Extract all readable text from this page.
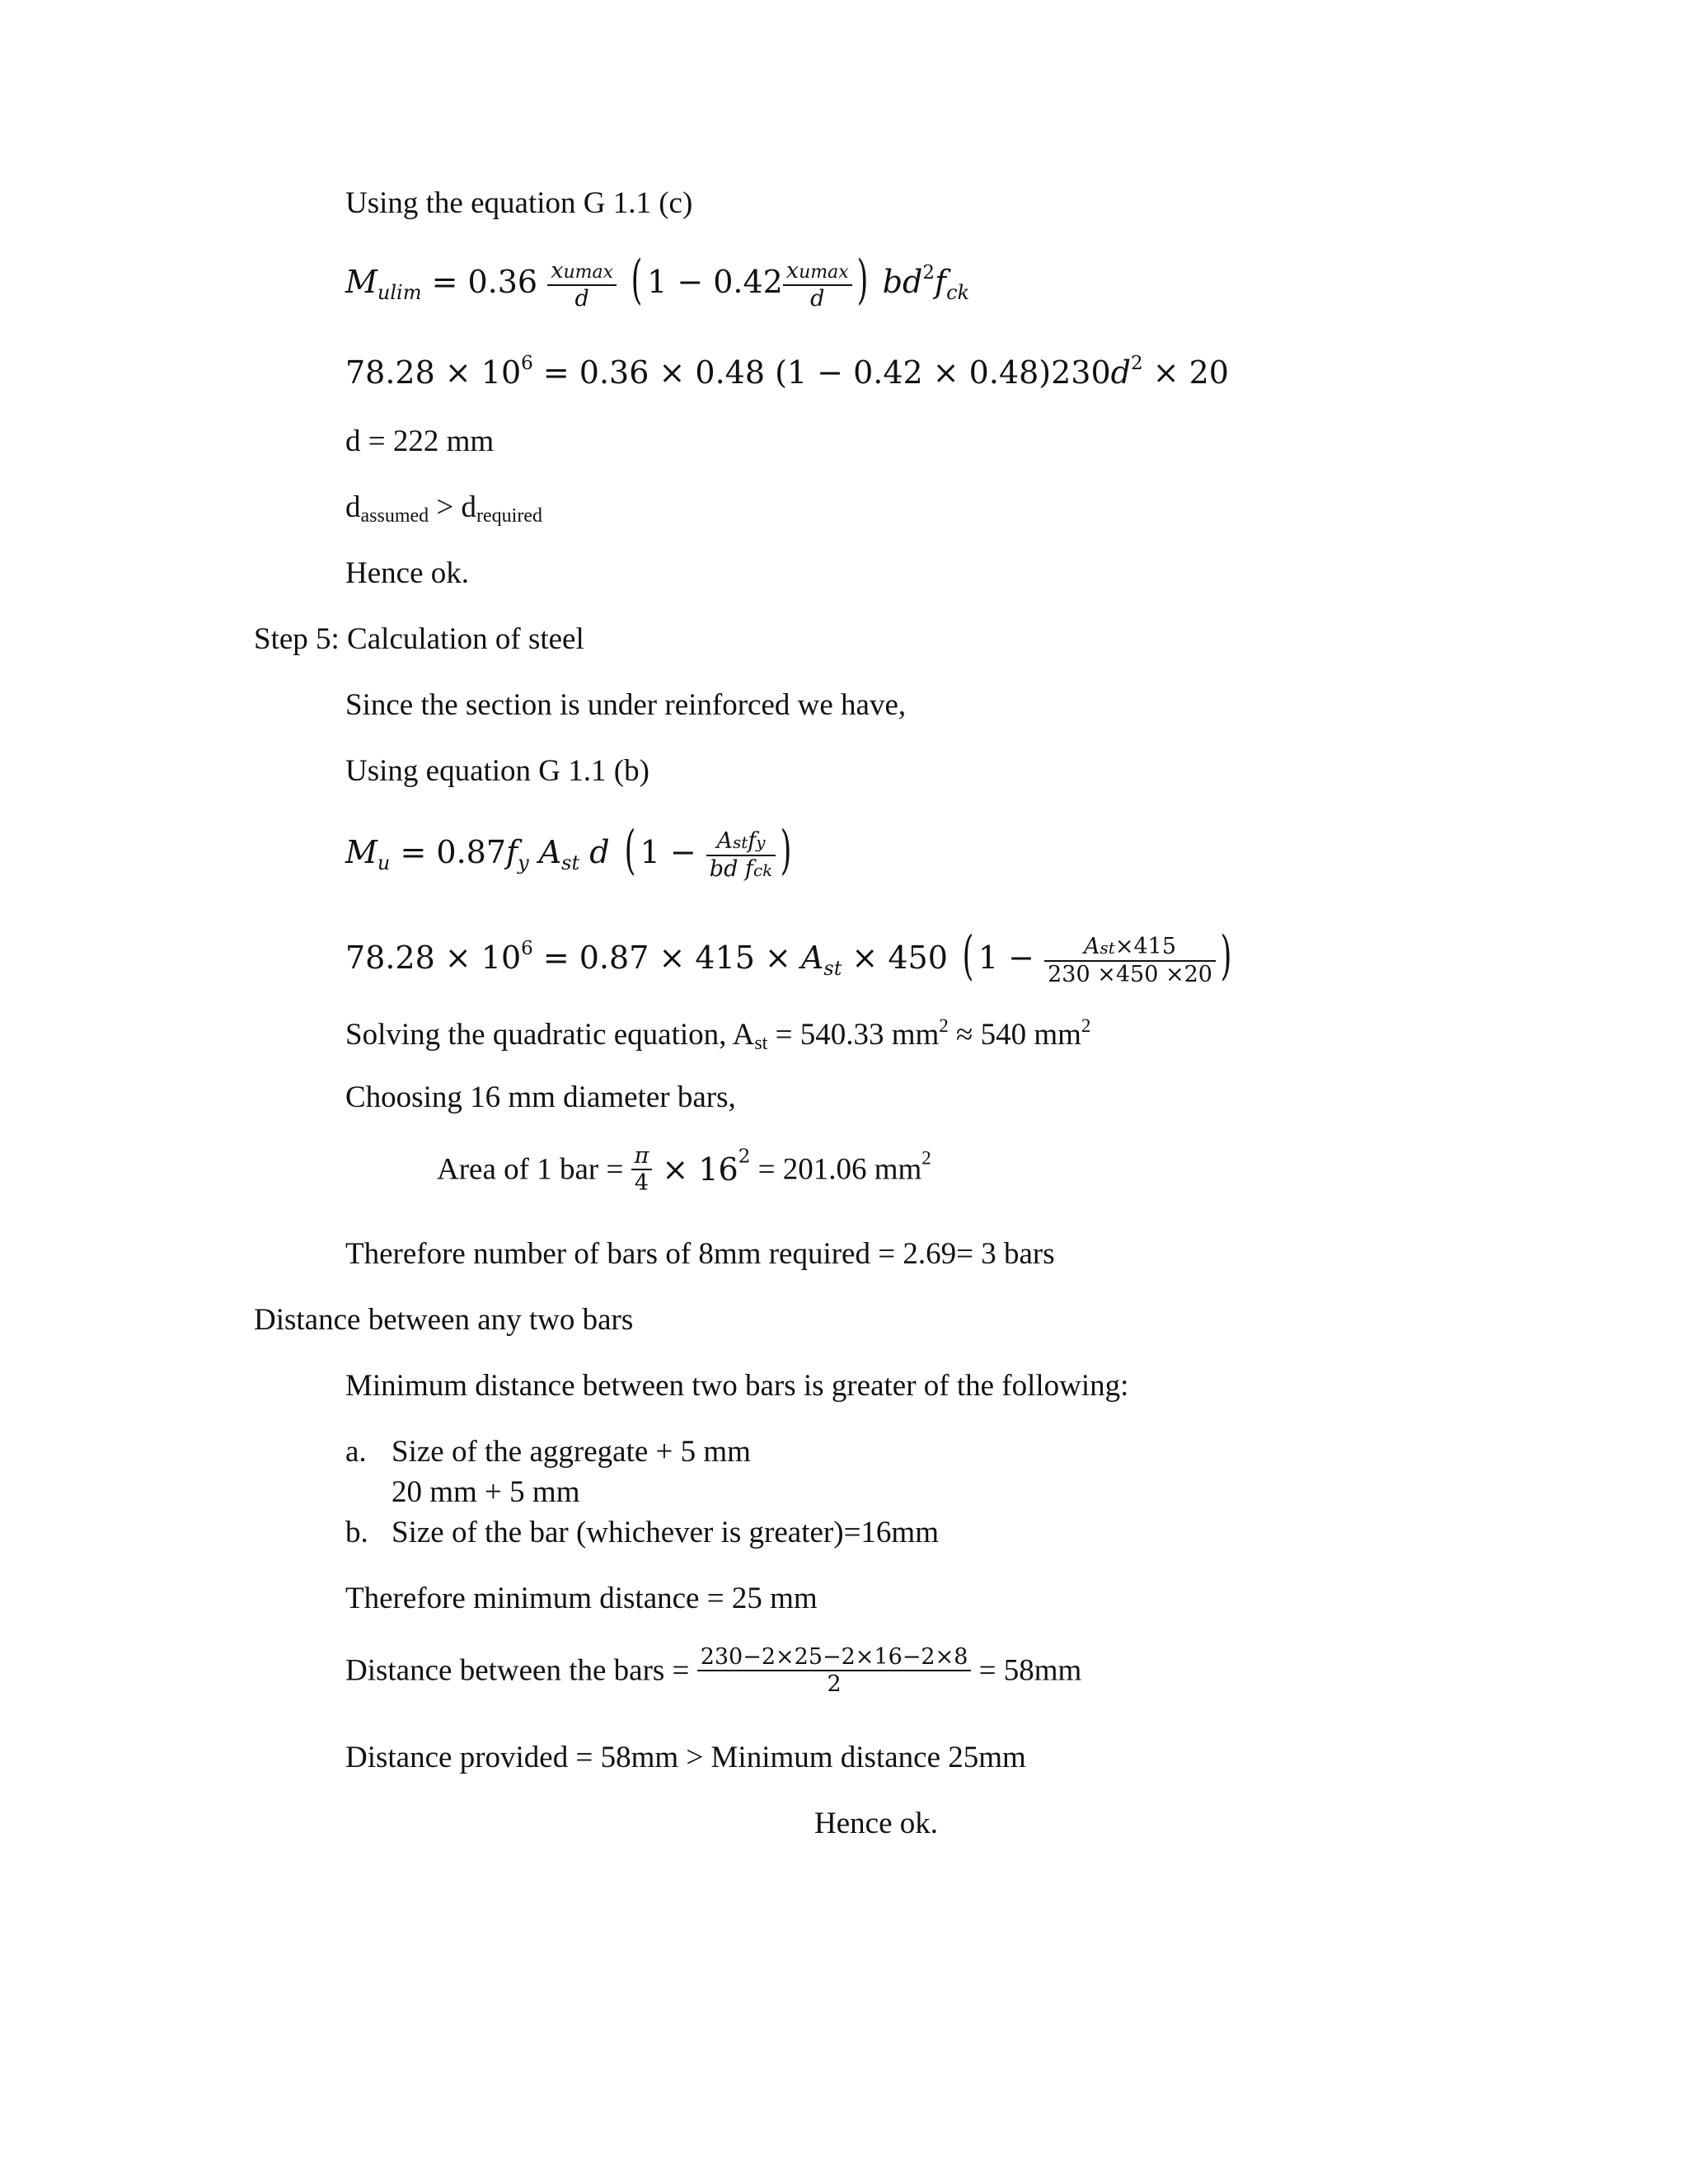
Using the equation G 1.1 (c)
$M_{ulim} = 0.36 \frac{xumax}{d}$ ( $1 - 0.42 \frac{xumax}{d}$ ) $bd^2f_{ck}$
$78.28 \times 10^6 = 0.36 \times 0.48$ $(1 - 0.42 \times 0.48)230d^2 \times 20$
d = 222 mm
$d_{assumed} > d_{required}$
Hence ok.
Step 5: Calculation of steel
Since the section is under reinforced we have,
Using equation G 1.1 (b)
$M_u = 0.87f_y$ $A_{st}$ d ( $1 - \frac{\text{Astfy}}{\text{bd fck}}$ )
$78.28 \times 10^6 = 0.87 \times 415 \times A_{st} \times 450$ ( $1 - \frac{\text{Ast×415}}{230 \times 450 \times 20}$ )
Solving the quadratic equation, $A_{st} = 540.33$ $mm^2 \approx 540$ $mm^2$
Choosing 16 mm diameter bars,
Area of 1 bar = $\frac{\pi}{4} \times 16^2 = 201.06$ $mm^2$
Therefore number of bars of 8mm required = 2.69= 3 bars
Distance between any two bars
Minimum distance between two bars is greater of the following:
a. Size of the aggregate + 5 mm
20 mm + 5 mm
b. Size of the bar (whichever is greater)=16mm
Therefore minimum distance = 25 mm
Distance between the bars = $\frac{230-2\times 25-2\times 16-2\times 8}{2} = 58mm$
Distance provided = 58mm > Minimum distance 25mm
Hence ok.
